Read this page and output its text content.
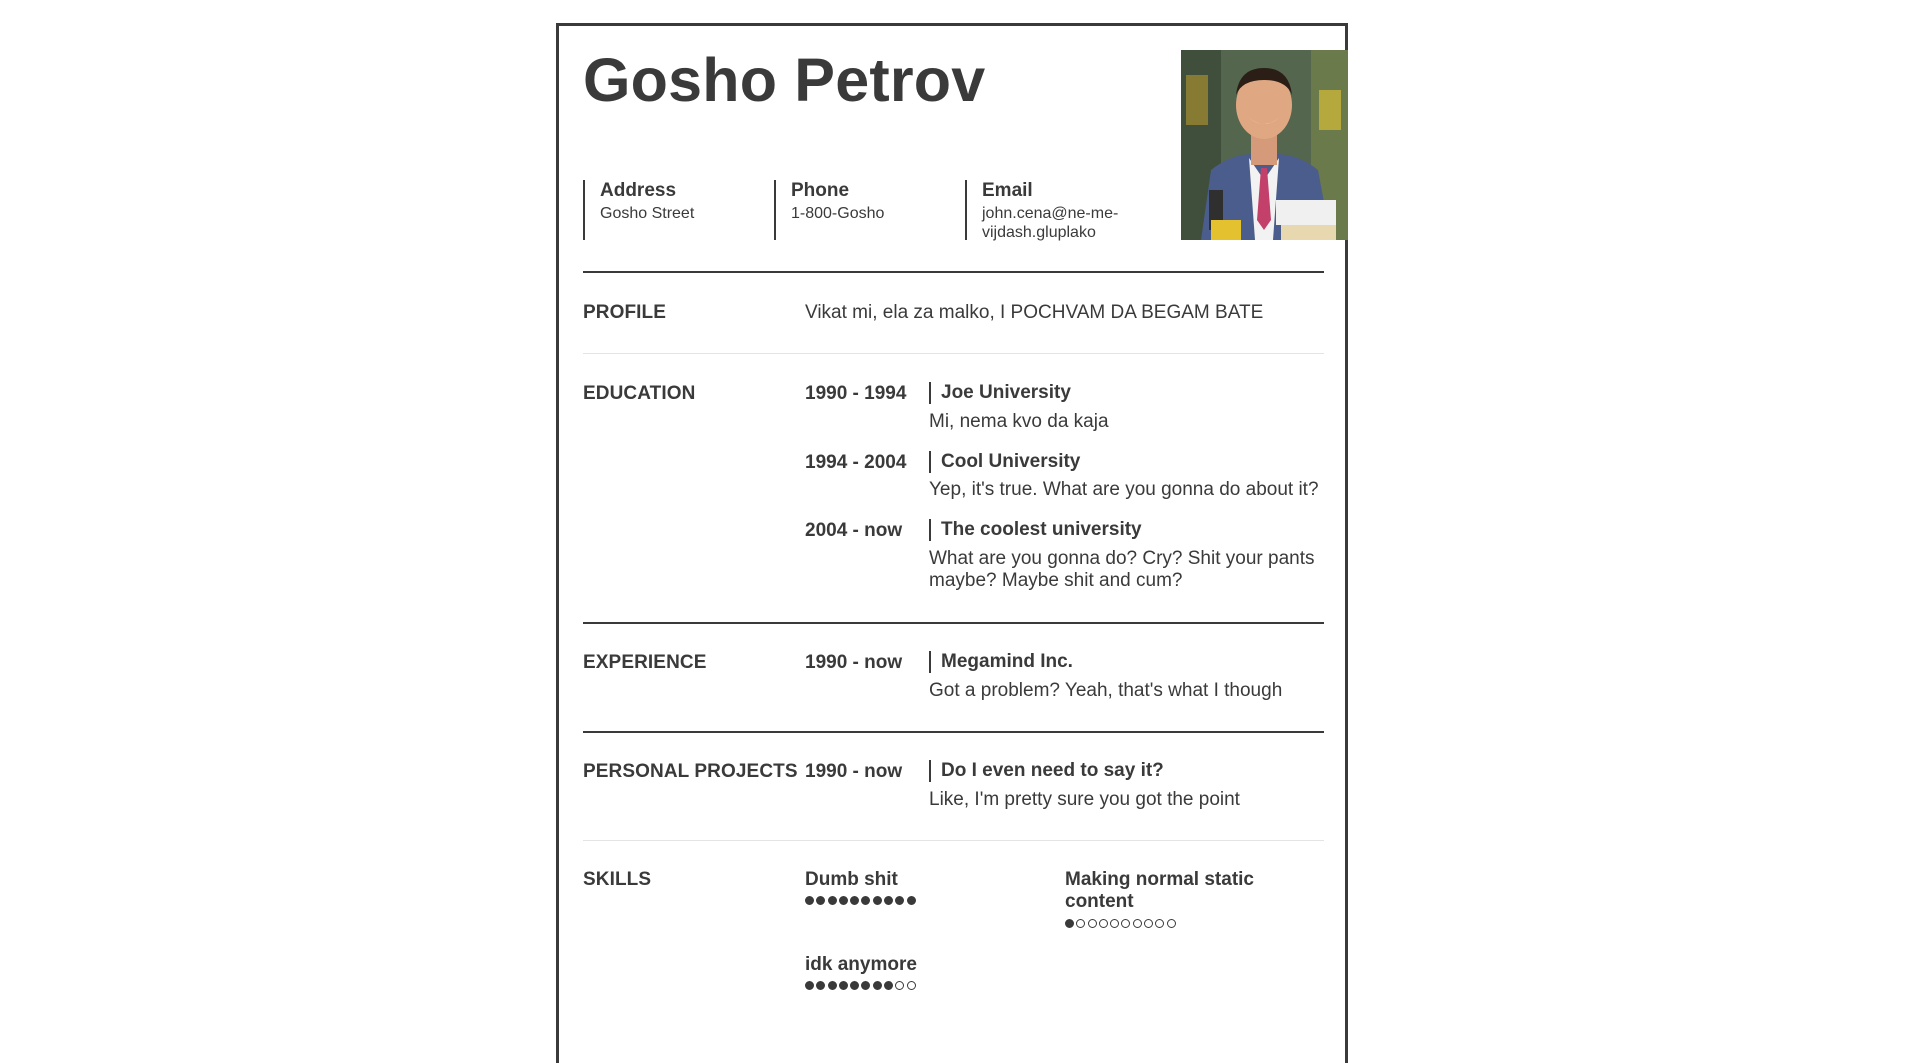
Gosho Petrov
Address
Gosho Street
Phone
1-800-Gosho
Email
john.cena@ne-me-vijdash.gluplako
PROFILE	Vikat mi, ela za malko, I POCHVAM DA BEGAM BATE
EDUCATION	1990 - 1994	Joe University
Mi, nema kvo da kaja
1994 - 2004	Cool University
Yep, it's true. What are you gonna do about it?
2004 - now	The coolest university
What are you gonna do? Cry? Shit your pants maybe? Maybe shit and cum?
EXPERIENCE	1990 - now	Megamind Inc.
Got a problem? Yeah, that's what I though
PERSONAL PROJECTS 1990 - now	Do I even need to say it?
Like, I'm pretty sure you got the point
SKILLS	Dumb shit	Making normal static content
idk anymore
